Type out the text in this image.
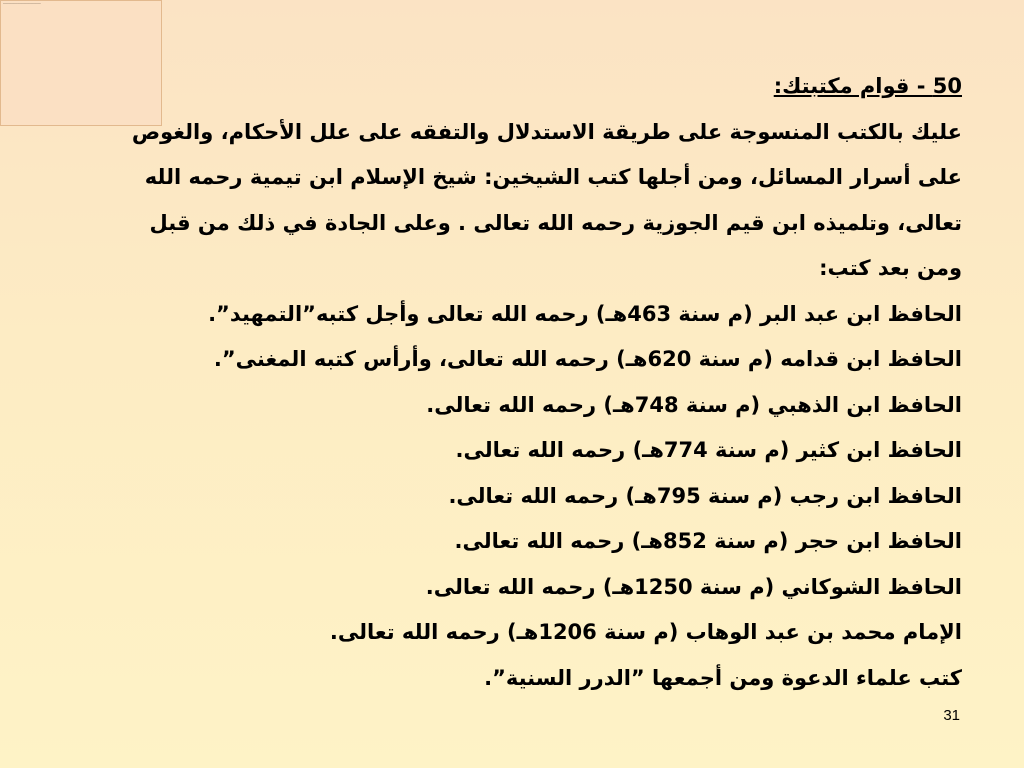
ـــــــــــــــــــــــــــــــــــــــــــ
50 - قوام مكتبتك:
عليك بالكتب المنسوجة على طريقة الاستدلال والتفقه على علل الأحكام، والغوص
على أسرار المسائل، ومن أجلها كتب الشيخين: شيخ الإسلام ابن تيمية رحمه الله
تعالى، وتلميذه ابن قيم الجوزية رحمه الله تعالى . وعلى الجادة في ذلك من قبل
ومن بعد كتب:
الحافظ ابن عبد البر (م سنة 463هـ) رحمه الله تعالى وأجل كتبه”التمهيد”.
الحافظ ابن قدامه (م سنة 620هـ) رحمه الله تعالى، وأرأس كتبه المغنى”.
الحافظ ابن الذهبي (م سنة 748هـ) رحمه الله تعالى.
الحافظ ابن كثير (م سنة 774هـ) رحمه الله تعالى.
الحافظ ابن رجب (م سنة 795هـ) رحمه الله تعالى.
الحافظ ابن حجر (م سنة 852هـ) رحمه الله تعالى.
الحافظ الشوكاني (م سنة 1250هـ) رحمه الله تعالى.
الإمام محمد بن عبد الوهاب (م سنة 1206هـ) رحمه الله تعالى.
كتب علماء الدعوة ومن أجمعها ”الدرر السنية”.
31
